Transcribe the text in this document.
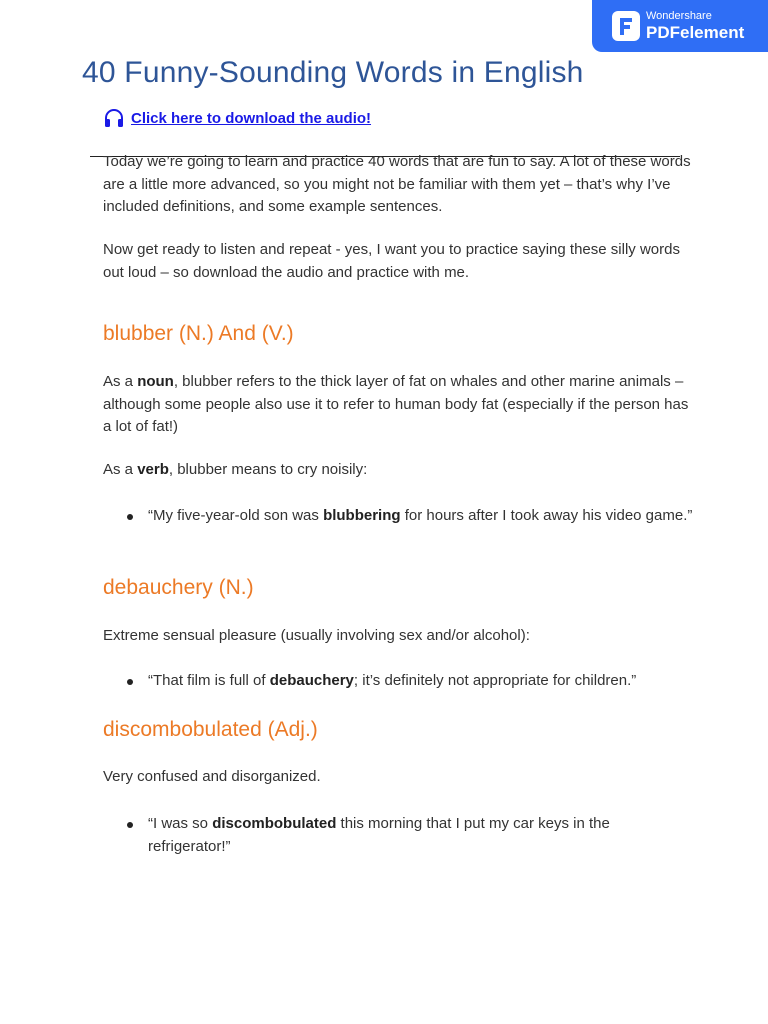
Wondershare
PDFelement
40 Funny-Sounding Words in English
Click here to download the audio!

Today we’re going to learn and practice 40 words that are fun to say. A lot of these words are a little more advanced, so you might not be familiar with them yet – that’s why I’ve included definitions, and some example sentences.

Now get ready to listen and repeat - yes, I want you to practice saying these silly words out loud – so download the audio and practice with me.

blubber (N.) And (V.)

As a noun, blubber refers to the thick layer of fat on whales and other marine animals – although some people also use it to refer to human body fat (especially if the person has a lot of fat!)

As a verb, blubber means to cry noisily:

“My five-year-old son was blubbering for hours after I took away his video game.”
debauchery (N.)

Extreme sensual pleasure (usually involving sex and/or alcohol):

“That film is full of debauchery; it’s definitely not appropriate for children.”
discombobulated (Adj.)

Very confused and disorganized.

“I was so discombobulated this morning that I put my car keys in the refrigerator!”
